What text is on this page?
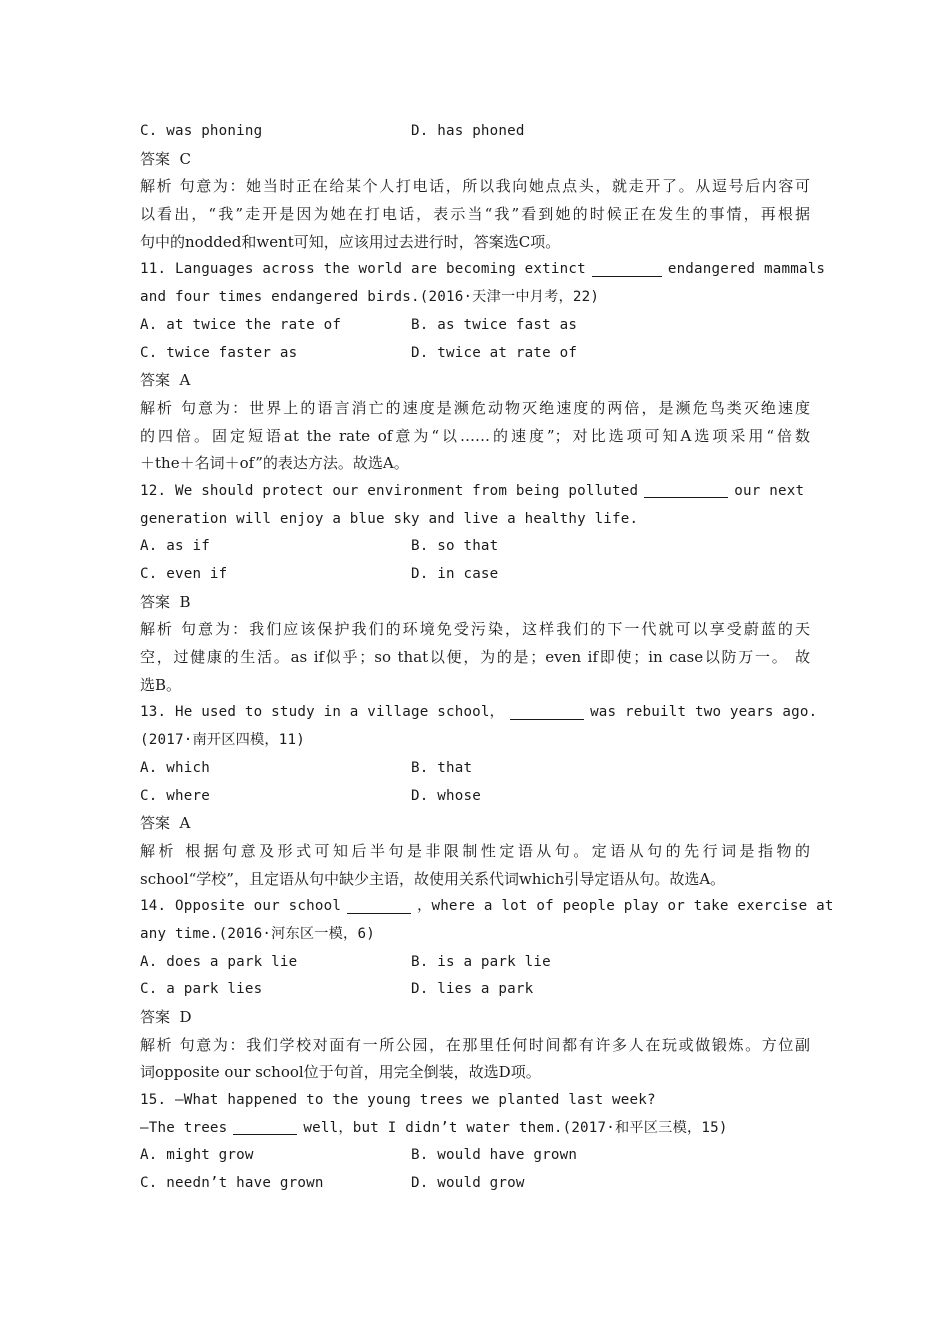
C. was phoning	D. has phoned
答案  C
解析 句意为：她当时正在给某个人打电话，所以我向她点点头，就走开了。从逗号后内容可
以看出，“我”走开是因为她在打电话，表示当“我”看到她的时候正在发生的事情，再根据
句中的nodded和went可知，应该用过去进行时，答案选C项。
11. Languages across the world are becoming extinct	endangered mammals
and four times endangered birds.(2016·天津一中月考，22)
A. at twice the rate of	B. as twice fast as
C. twice faster as	D. twice at rate of
答案  A
解析 句意为：世界上的语言消亡的速度是濒危动物灭绝速度的两倍，是濒危鸟类灭绝速度
的四倍。固定短语at the rate of意为“以……的速度”；对比选项可知A选项采用“倍数
＋the＋名词＋of”的表达方法。故选A。
12. We should protect our environment from being polluted	our next
generation will enjoy a blue sky and live a healthy life.
A. as if	B. so that
C. even if	D. in case
答案  B
解析 句意为：我们应该保护我们的环境免受污染，这样我们的下一代就可以享受蔚蓝的天
空，过健康的生活。as if似乎；so that以便，为的是；even if即使；in case以防万一。 故
选B。
13. He used to study in a village school，	was rebuilt two years ago.
(2017·南开区四模，11)
A. which	B. that
C. where	D. whose
答案  A
解析 根据句意及形式可知后半句是非限制性定语从句。定语从句的先行词是指物的
school“学校”，且定语从句中缺少主语，故使用关系代词which引导定语从句。故选A。
14. Opposite our school	，where a lot of people play or take exercise at
any time.(2016·河东区一模，6)
A. does a park lie	B. is a park lie
C. a park lies	D. lies a park
答案  D
解析 句意为：我们学校对面有一所公园，在那里任何时间都有许多人在玩或做锻炼。方位副
词opposite our school位于句首，用完全倒装，故选D项。
15. —What happened to the young trees we planted last week?
—The trees	well，but I didn’t water them.(2017·和平区三模，15)
A. might grow	B. would have grown
C. needn’t have grown	D. would grow
